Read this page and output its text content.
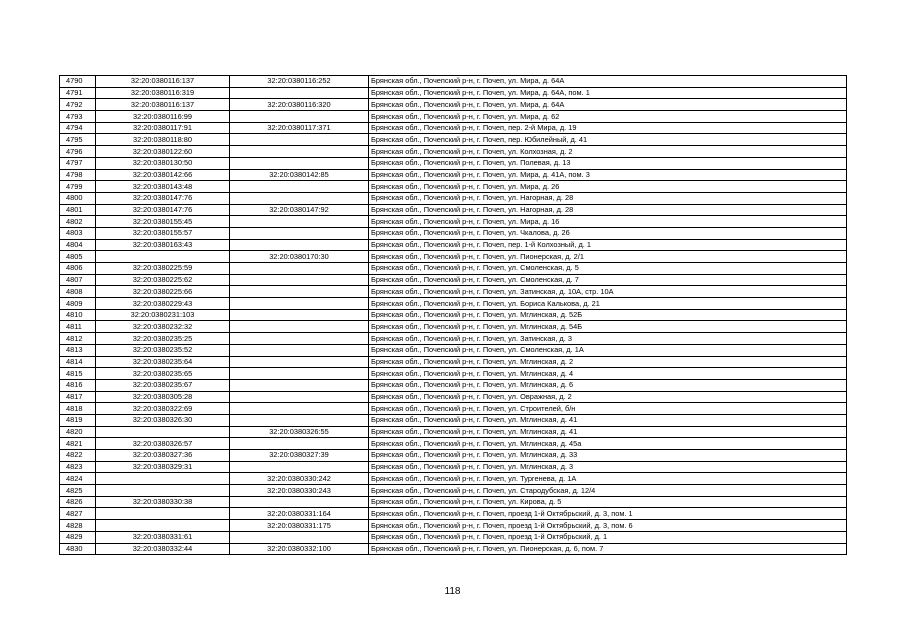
4790	32:20:0380116:137	32:20:0380116:252	Брянская обл., Почепский р-н, г. Почеп, ул. Мира, д. 64А
4791	32:20:0380116:319		Брянская обл., Почепский р-н, г. Почеп, ул. Мира, д. 64А, пом. 1
4792	32:20:0380116:137	32:20:0380116:320	Брянская обл., Почепский р-н, г. Почеп, ул. Мира, д. 64А
4793	32:20:0380116:99		Брянская обл., Почепский р-н, г. Почеп, ул. Мира, д. 62
4794	32:20:0380117:91	32:20:0380117:371	Брянская обл., Почепский р-н, г. Почеп, пер. 2-й Мира, д. 19
4795	32:20:0380118:80		Брянская обл., Почепский р-н, г. Почеп, пер. Юбилейный, д. 41
4796	32:20:0380122:60		Брянская обл., Почепский р-н, г. Почеп, ул. Колхозная, д. 2
4797	32:20:0380130:50		Брянская обл., Почепский р-н, г. Почеп, ул. Полевая, д. 13
4798	32:20:0380142:66	32:20:0380142:85	Брянская обл., Почепский р-н, г. Почеп, ул. Мира, д. 41А, пом. 3
4799	32:20:0380143:48		Брянская обл., Почепский р-н, г. Почеп, ул. Мира, д. 26
4800	32:20:0380147:76		Брянская обл., Почепский р-н, г. Почеп, ул. Нагорная, д. 28
4801	32:20:0380147:76	32:20:0380147:92	Брянская обл., Почепский р-н, г. Почеп, ул. Нагорная, д. 28
4802	32:20:0380155:45		Брянская обл., Почепский р-н, г. Почеп, ул. Мира, д. 16
4803	32:20:0380155:57		Брянская обл., Почепский р-н, г. Почеп, ул. Чкалова, д. 26
4804	32:20:0380163:43		Брянская обл., Почепский р-н, г. Почеп, пер. 1-й Колхозный, д. 1
4805		32:20:0380170:30	Брянская обл., Почепский р-н, г. Почеп, ул. Пионерская, д. 2/1
4806	32:20:0380225:59		Брянская обл., Почепский р-н, г. Почеп, ул. Смоленская, д. 5
4807	32:20:0380225:62		Брянская обл., Почепский р-н, г. Почеп, ул. Смоленская, д. 7
4808	32:20:0380225:66		Брянская обл., Почепский р-н, г. Почеп, ул. Затинская, д. 10А, стр. 10А
4809	32:20:0380229:43		Брянская обл., Почепский р-н, г. Почеп, ул. Бориса Калькова, д. 21
4810	32:20:0380231:103		Брянская обл., Почепский р-н, г. Почеп, ул. Мглинская, д. 52Б
4811	32:20:0380232:32		Брянская обл., Почепский р-н, г. Почеп, ул. Мглинская, д. 54Б
4812	32:20:0380235:25		Брянская обл., Почепский р-н, г. Почеп, ул. Затинская, д. 3
4813	32:20:0380235:52		Брянская обл., Почепский р-н, г. Почеп, ул. Смоленская, д. 1А
4814	32:20:0380235:64		Брянская обл., Почепский р-н, г. Почеп, ул. Мглинская, д. 2
4815	32:20:0380235:65		Брянская обл., Почепский р-н, г. Почеп, ул. Мглинская, д. 4
4816	32:20:0380235:67		Брянская обл., Почепский р-н, г. Почеп, ул. Мглинская, д. 6
4817	32:20:0380305:28		Брянская обл., Почепский р-н, г. Почеп, ул. Овражная, д. 2
4818	32:20:0380322:69		Брянская обл., Почепский р-н, г. Почеп, ул. Строителей, б/н
4819	32:20:0380326:30		Брянская обл., Почепский р-н, г. Почеп, ул. Мглинская, д. 41
4820		32:20:0380326:55	Брянская обл., Почепский р-н, г. Почеп, ул. Мглинская, д. 41
4821	32:20:0380326:57		Брянская обл., Почепский р-н, г. Почеп, ул. Мглинская, д. 45а
4822	32:20:0380327:36	32:20:0380327:39	Брянская обл., Почепский р-н, г. Почеп, ул. Мглинская, д. 33
4823	32:20:0380329:31		Брянская обл., Почепский р-н, г. Почеп, ул. Мглинская, д. 3
4824		32:20:0380330:242	Брянская обл., Почепский р-н, г. Почеп, ул. Тургенева, д. 1А
4825		32:20:0380330:243	Брянская обл., Почепский р-н, г. Почеп, ул. Стародубская, д. 12/4
4826	32:20:0380330:38		Брянская обл., Почепский р-н, г. Почеп, ул. Кирова, д. 5
4827		32:20:0380331:164	Брянская обл., Почепский р-н, г. Почеп, проезд 1-й Октябрьский, д. 3, пом. 1
4828		32:20:0380331:175	Брянская обл., Почепский р-н, г. Почеп, проезд 1-й Октябрьский, д. 3, пом. 6
4829	32:20:0380331:61		Брянская обл., Почепский р-н, г. Почеп, проезд 1-й Октябрьский, д. 1
4830	32:20:0380332:44	32:20:0380332:100	Брянская обл., Почепский р-н, г. Почеп, ул. Пионерская, д. 6, пом. 7
118
